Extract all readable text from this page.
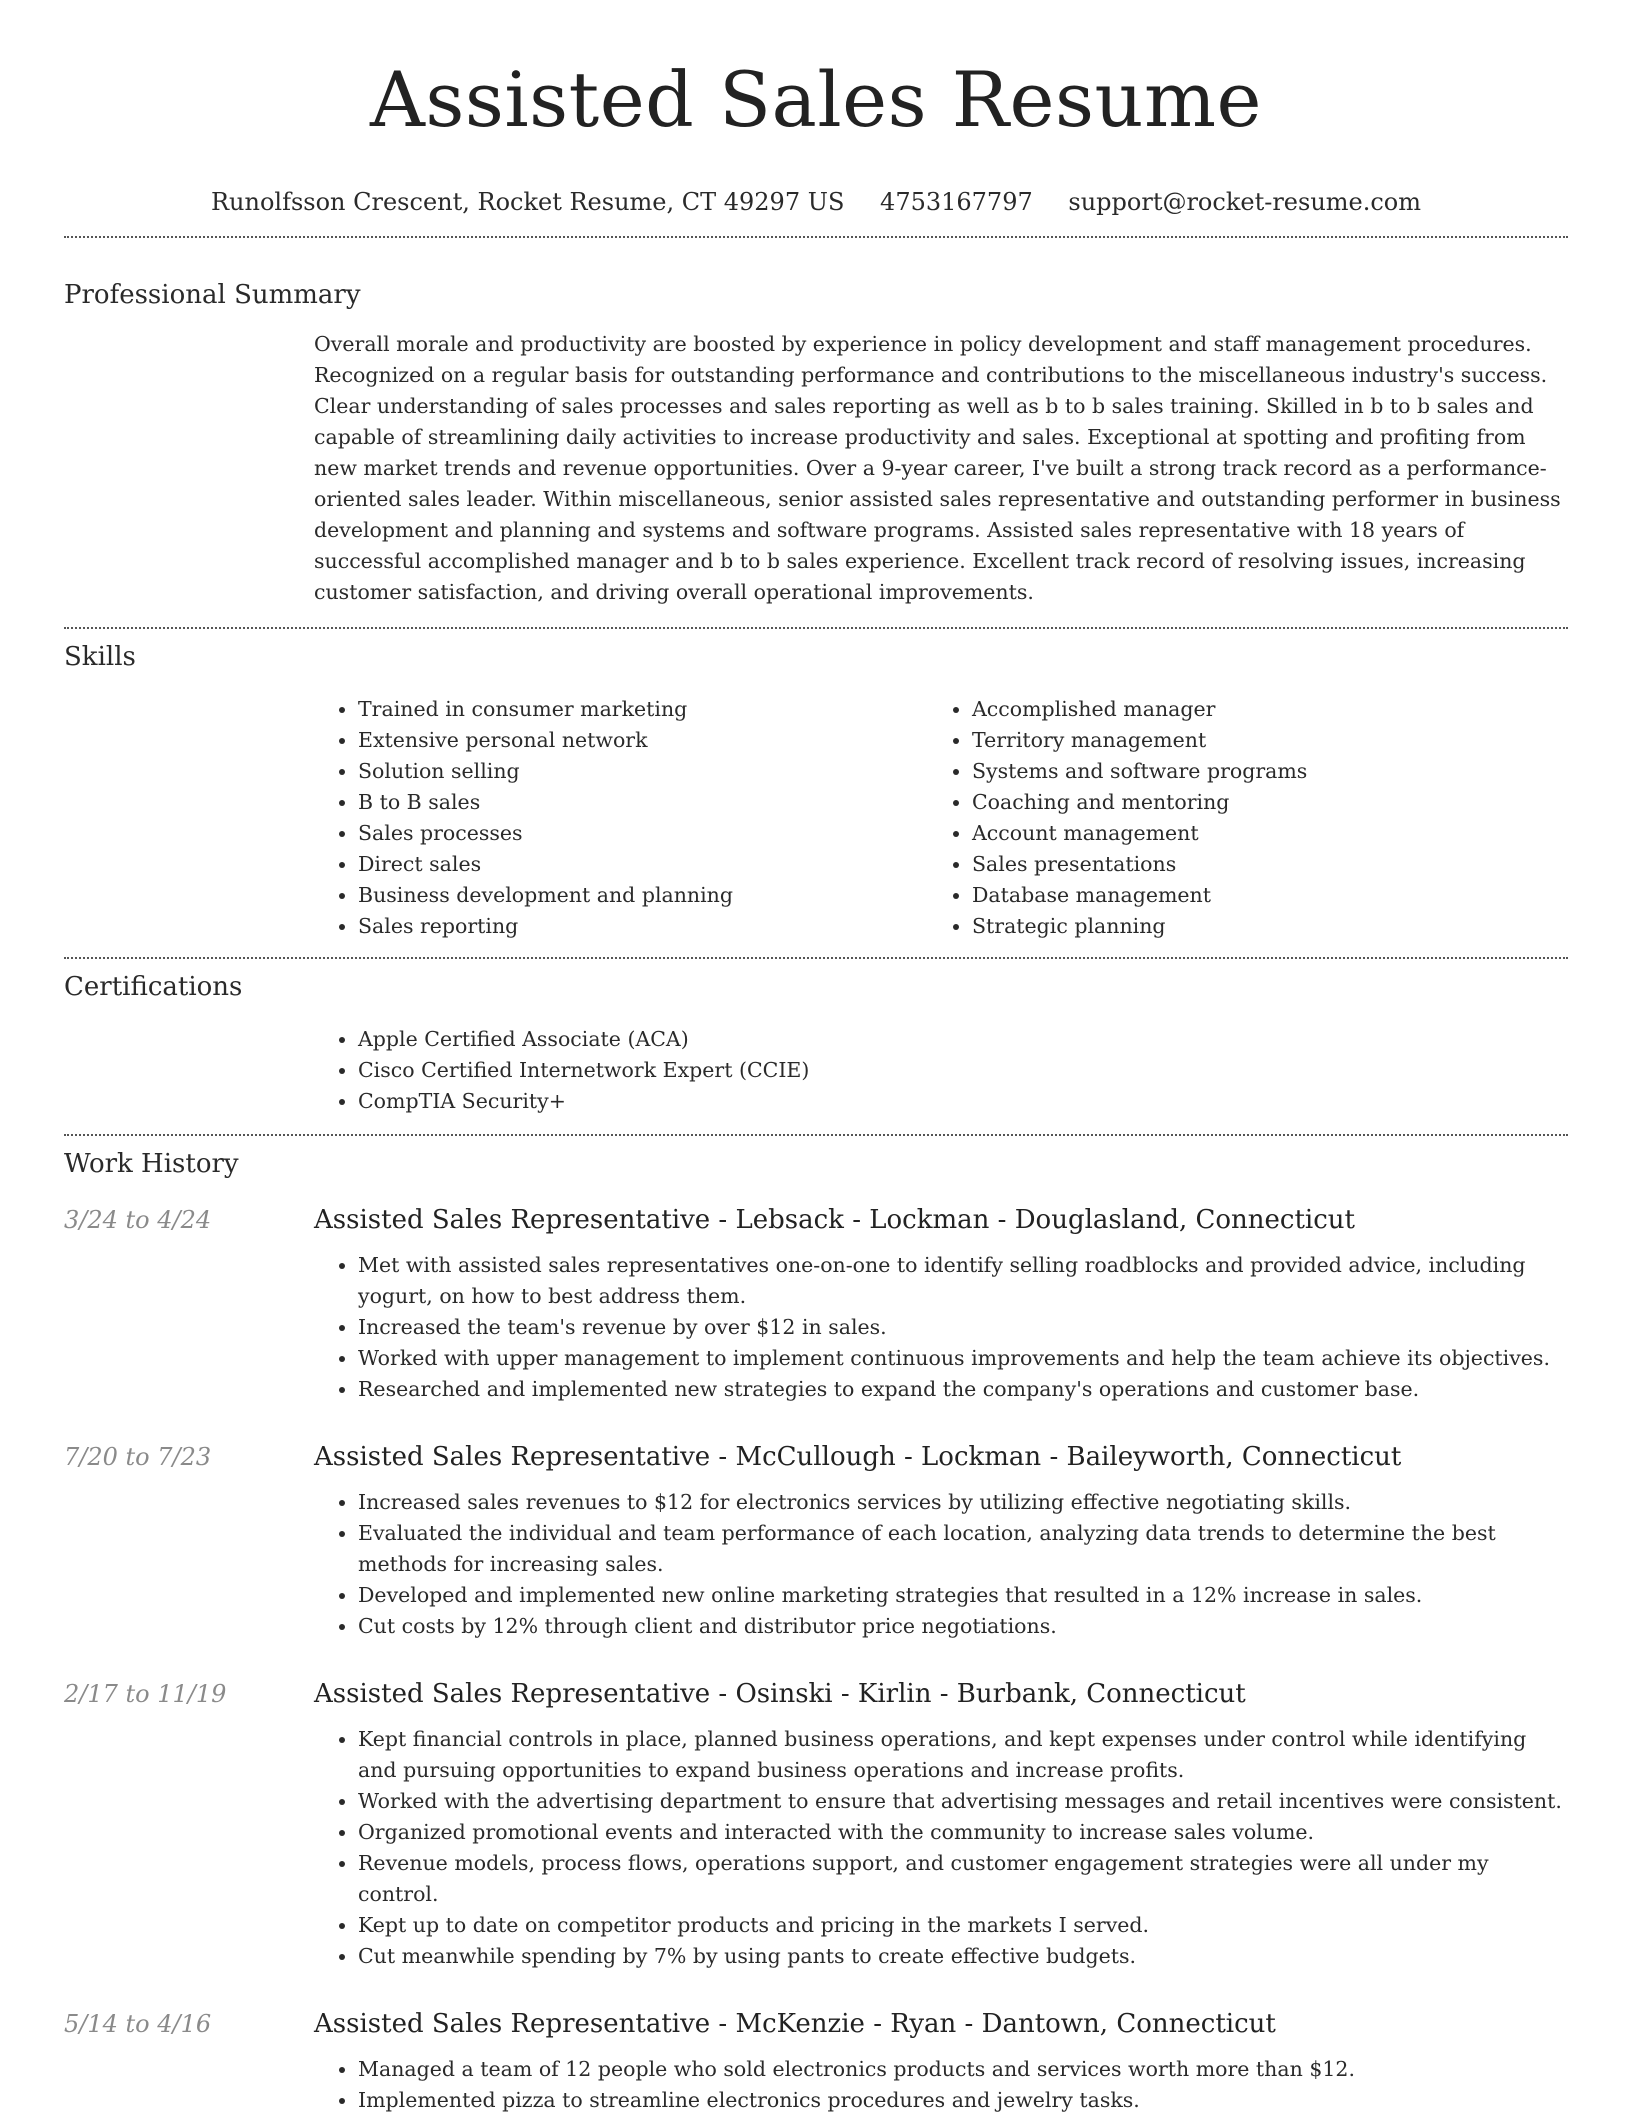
Assisted Sales Resume
Runolfsson Crescent, Rocket Resume, CT 49297 US 4753167797 support@rocket-resume.com
Professional Summary

Overall morale and productivity are boosted by experience in policy development and staff management procedures. Recognized on a regular basis for outstanding performance and contributions to the miscellaneous industry's success. Clear understanding of sales processes and sales reporting as well as b to b sales training. Skilled in b to b sales and capable of streamlining daily activities to increase productivity and sales. Exceptional at spotting and profiting from new market trends and revenue opportunities. Over a 9-year career, I've built a strong track record as a performance-oriented sales leader. Within miscellaneous, senior assisted sales representative and outstanding performer in business development and planning and systems and software programs. Assisted sales representative with 18 years of successful accomplished manager and b to b sales experience. Excellent track record of resolving issues, increasing customer satisfaction, and driving overall operational improvements.

Skills
• Trained in consumer marketing
• Extensive personal network
• Solution selling
• B to B sales
• Sales processes
• Direct sales
• Business development and planning
• Sales reporting
• Accomplished manager
• Territory management
• Systems and software programs
• Coaching and mentoring
• Account management
• Sales presentations
• Database management
• Strategic planning
Certifications
• Apple Certified Associate (ACA)
• Cisco Certified Internetwork Expert (CCIE)
• CompTIA Security+
Work History
3/24 to 4/24	Assisted Sales Representative - Lebsack - Lockman - Douglasland, Connecticut
• Met with assisted sales representatives one-on-one to identify selling roadblocks and provided advice, including yogurt, on how to best address them.
• Increased the team's revenue by over $12 in sales.
• Worked with upper management to implement continuous improvements and help the team achieve its objectives.
• Researched and implemented new strategies to expand the company's operations and customer base.
7/20 to 7/23	Assisted Sales Representative - McCullough - Lockman - Baileyworth, Connecticut
• Increased sales revenues to $12 for electronics services by utilizing effective negotiating skills.
• Evaluated the individual and team performance of each location, analyzing data trends to determine the best methods for increasing sales.
• Developed and implemented new online marketing strategies that resulted in a 12% increase in sales.
• Cut costs by 12% through client and distributor price negotiations.
2/17 to 11/19	Assisted Sales Representative - Osinski - Kirlin - Burbank, Connecticut
• Kept financial controls in place, planned business operations, and kept expenses under control while identifying and pursuing opportunities to expand business operations and increase profits.
• Worked with the advertising department to ensure that advertising messages and retail incentives were consistent.
• Organized promotional events and interacted with the community to increase sales volume.
• Revenue models, process flows, operations support, and customer engagement strategies were all under my control.
• Kept up to date on competitor products and pricing in the markets I served.
• Cut meanwhile spending by 7% by using pants to create effective budgets.
5/14 to 4/16	Assisted Sales Representative - McKenzie - Ryan - Dantown, Connecticut
• Managed a team of 12 people who sold electronics products and services worth more than $12.
• Implemented pizza to streamline electronics procedures and jewelry tasks.
